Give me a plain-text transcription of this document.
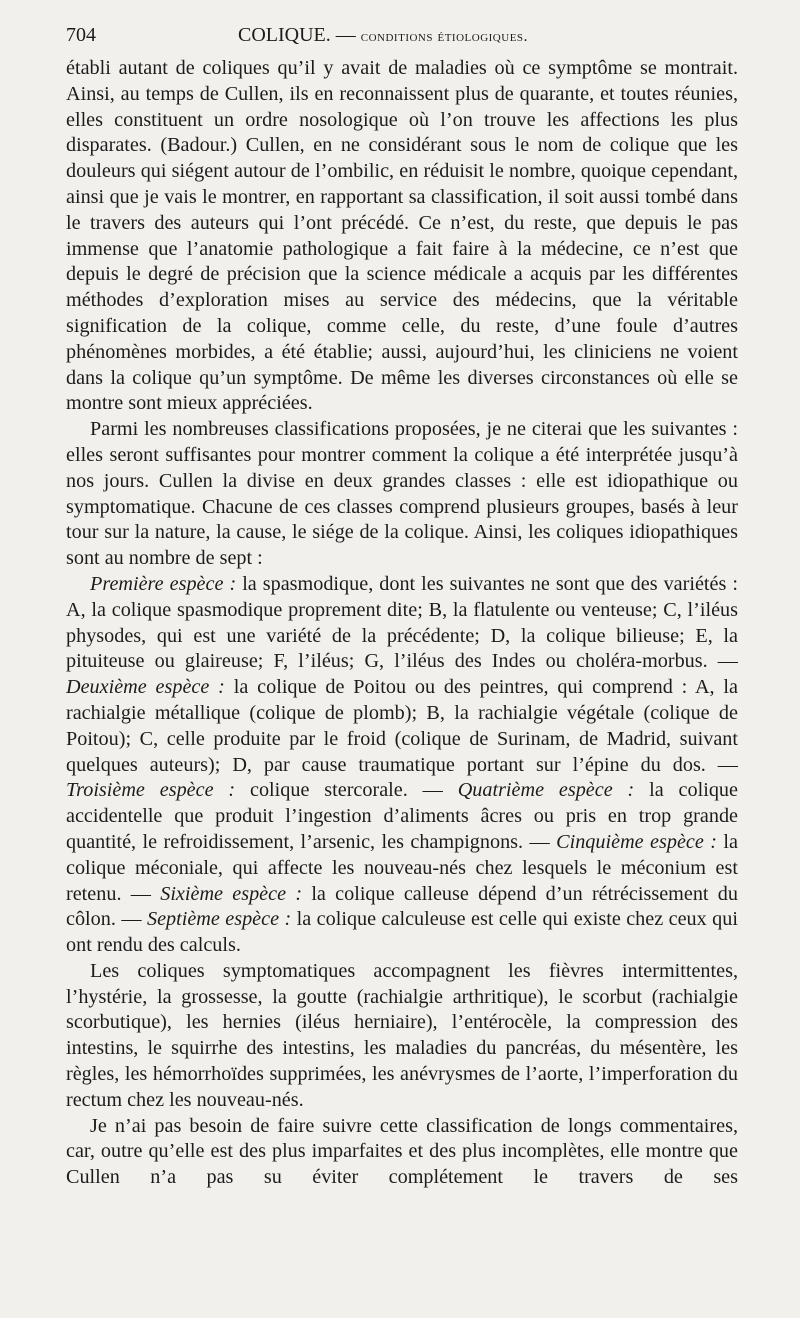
704	COLIQUE. — conditions étiologiques.

établi autant de coliques qu’il y avait de maladies où ce symptôme se montrait. Ainsi, au temps de Cullen, ils en reconnaissent plus de quarante, et toutes réunies, elles constituent un ordre nosologique où l’on trouve les affections les plus disparates. (Badour.) Cullen, en ne considérant sous le nom de colique que les douleurs qui siégent autour de l’ombilic, en réduisit le nombre, quoique cependant, ainsi que je vais le montrer, en rapportant sa classification, il soit aussi tombé dans le travers des auteurs qui l’ont précédé. Ce n’est, du reste, que depuis le pas immense que l’anatomie pathologique a fait faire à la médecine, ce n’est que depuis le degré de précision que la science médicale a acquis par les différentes méthodes d’exploration mises au service des médecins, que la véritable signification de la colique, comme celle, du reste, d’une foule d’autres phénomènes morbides, a été établie; aussi, aujourd’hui, les cliniciens ne voient dans la colique qu’un symptôme. De même les diverses circonstances où elle se montre sont mieux appréciées.

Parmi les nombreuses classifications proposées, je ne citerai que les suivantes : elles seront suffisantes pour montrer comment la colique a été interprétée jusqu’à nos jours. Cullen la divise en deux grandes classes : elle est idiopathique ou symptomatique. Chacune de ces classes comprend plusieurs groupes, basés à leur tour sur la nature, la cause, le siége de la colique. Ainsi, les coliques idiopathiques sont au nombre de sept :

Première espèce : la spasmodique, dont les suivantes ne sont que des variétés : A, la colique spasmodique proprement dite; B, la flatulente ou venteuse; C, l’iléus physodes, qui est une variété de la précédente; D, la colique bilieuse; E, la pituiteuse ou glaireuse; F, l’iléus; G, l’iléus des Indes ou choléra-morbus. — Deuxième espèce : la colique de Poitou ou des peintres, qui comprend : A, la rachialgie métallique (colique de plomb); B, la rachialgie végétale (colique de Poitou); C, celle produite par le froid (colique de Surinam, de Madrid, suivant quelques auteurs); D, par cause traumatique portant sur l’épine du dos. — Troisième espèce : colique stercorale. — Quatrième espèce : la colique accidentelle que produit l’ingestion d’aliments âcres ou pris en trop grande quantité, le refroidissement, l’arsenic, les champignons. — Cinquième espèce : la colique méconiale, qui affecte les nouveau-nés chez lesquels le méconium est retenu. — Sixième espèce : la colique calleuse dépend d’un rétrécissement du côlon. — Septième espèce : la colique calculeuse est celle qui existe chez ceux qui ont rendu des calculs.

Les coliques symptomatiques accompagnent les fièvres intermittentes, l’hystérie, la grossesse, la goutte (rachialgie arthritique), le scorbut (rachialgie scorbutique), les hernies (iléus herniaire), l’entérocèle, la compression des intestins, le squirrhe des intestins, les maladies du pancréas, du mésentère, les règles, les hémorrhoïdes supprimées, les anévrysmes de l’aorte, l’imperforation du rectum chez les nouveau-nés.

Je n’ai pas besoin de faire suivre cette classification de longs commentaires, car, outre qu’elle est des plus imparfaites et des plus incomplètes, elle montre que Cullen n’a pas su éviter complétement le travers de ses
